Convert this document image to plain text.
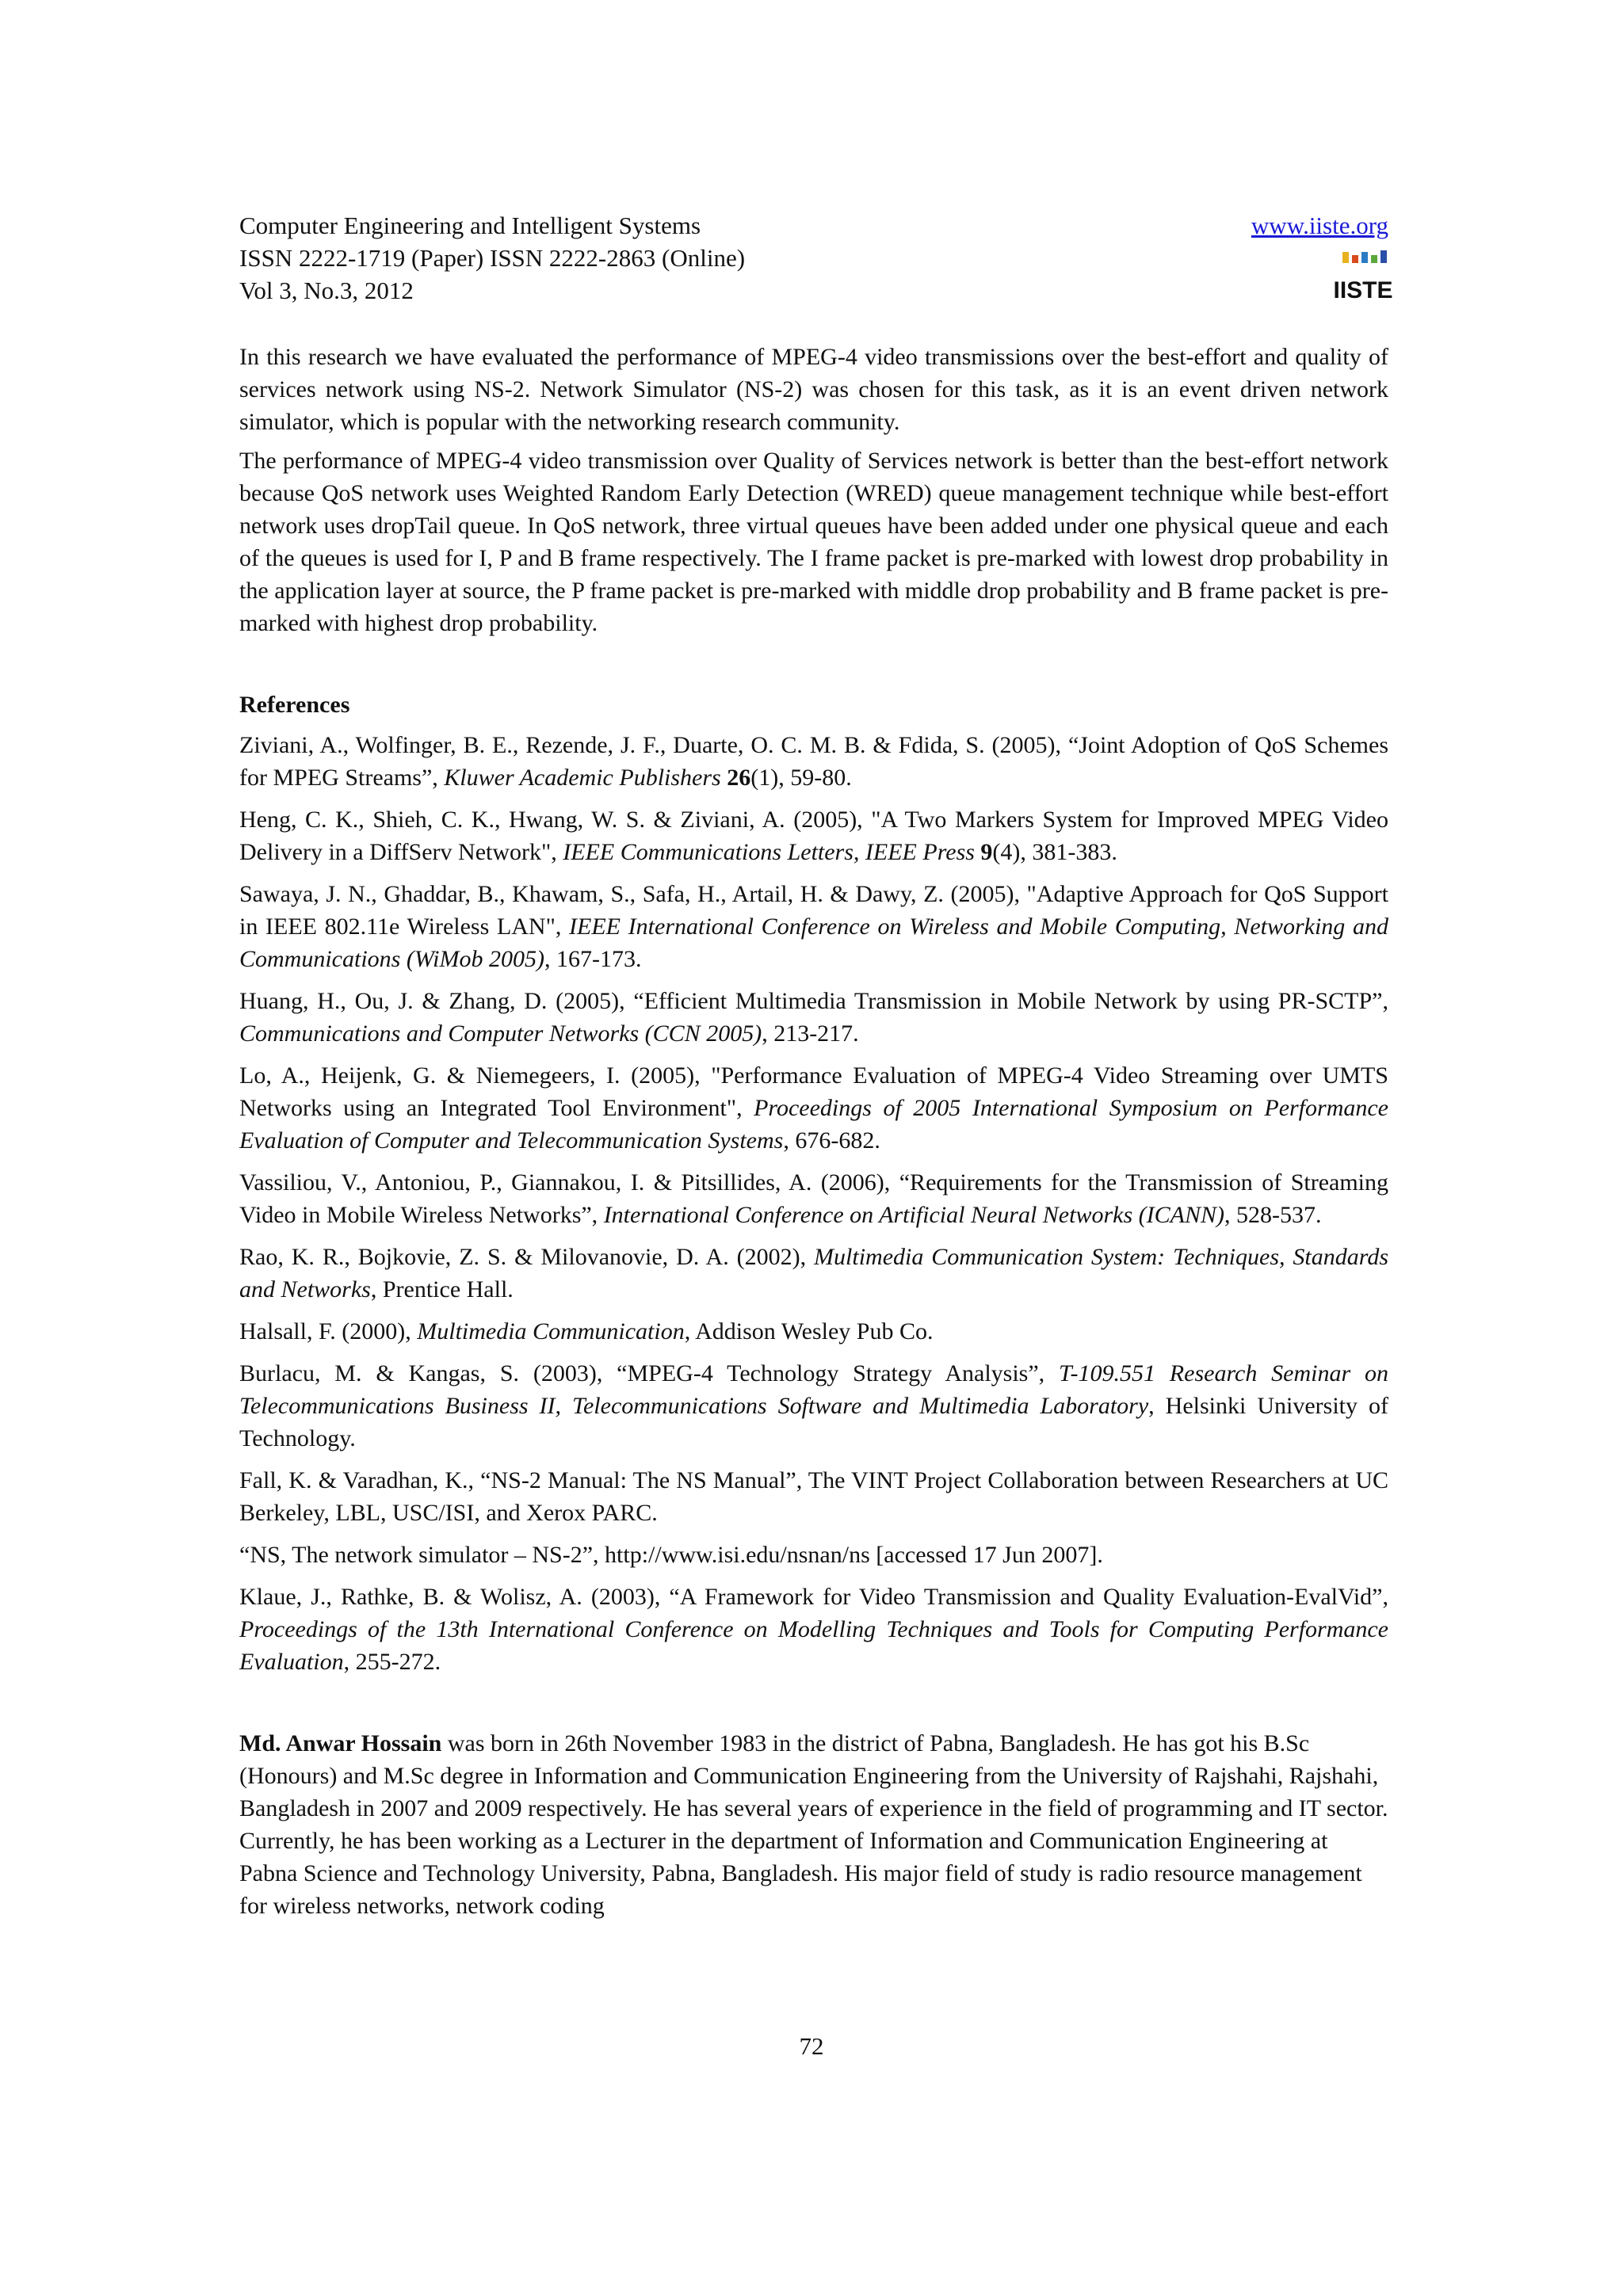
Computer Engineering and Intelligent Systems
ISSN 2222-1719 (Paper) ISSN 2222-2863 (Online)
Vol 3, No.3, 2012
www.iiste.org
IISTE

In this research we have evaluated the performance of MPEG-4 video transmissions over the best-effort and quality of services network using NS-2. Network Simulator (NS-2) was chosen for this task, as it is an event driven network simulator, which is popular with the networking research community.

The performance of MPEG-4 video transmission over Quality of Services network is better than the best-effort network because QoS network uses Weighted Random Early Detection (WRED) queue management technique while best-effort network uses dropTail queue. In QoS network, three virtual queues have been added under one physical queue and each of the queues is used for I, P and B frame respectively. The I frame packet is pre-marked with lowest drop probability in the application layer at source, the P frame packet is pre-marked with middle drop probability and B frame packet is pre-marked with highest drop probability.

References
Ziviani, A., Wolfinger, B. E., Rezende, J. F., Duarte, O. C. M. B. & Fdida, S. (2005), “Joint Adoption of QoS Schemes for MPEG Streams”, Kluwer Academic Publishers 26(1), 59-80.
Heng, C. K., Shieh, C. K., Hwang, W. S. & Ziviani, A. (2005), "A Two Markers System for Improved MPEG Video Delivery in a DiffServ Network", IEEE Communications Letters, IEEE Press 9(4), 381-383.
Sawaya, J. N., Ghaddar, B., Khawam, S., Safa, H., Artail, H. & Dawy, Z. (2005), "Adaptive Approach for QoS Support in IEEE 802.11e Wireless LAN", IEEE International Conference on Wireless and Mobile Computing, Networking and Communications (WiMob 2005), 167-173.
Huang, H., Ou, J. & Zhang, D. (2005), “Efficient Multimedia Transmission in Mobile Network by using PR-SCTP”, Communications and Computer Networks (CCN 2005), 213-217.
Lo, A., Heijenk, G. & Niemegeers, I. (2005), "Performance Evaluation of MPEG-4 Video Streaming over UMTS Networks using an Integrated Tool Environment", Proceedings of 2005 International Symposium on Performance Evaluation of Computer and Telecommunication Systems, 676-682.
Vassiliou, V., Antoniou, P., Giannakou, I. & Pitsillides, A. (2006), “Requirements for the Transmission of Streaming Video in Mobile Wireless Networks”, International Conference on Artificial Neural Networks (ICANN), 528-537.
Rao, K. R., Bojkovie, Z. S. & Milovanovie, D. A. (2002), Multimedia Communication System: Techniques, Standards and Networks, Prentice Hall.
Halsall, F. (2000), Multimedia Communication, Addison Wesley Pub Co.
Burlacu, M. & Kangas, S. (2003), “MPEG-4 Technology Strategy Analysis”, T-109.551 Research Seminar on Telecommunications Business II, Telecommunications Software and Multimedia Laboratory, Helsinki University of Technology.
Fall, K. & Varadhan, K., “NS-2 Manual: The NS Manual”, The VINT Project Collaboration between Researchers at UC Berkeley, LBL, USC/ISI, and Xerox PARC.
“NS, The network simulator – NS-2”, http://www.isi.edu/nsnan/ns [accessed 17 Jun 2007].
Klaue, J., Rathke, B. & Wolisz, A. (2003), “A Framework for Video Transmission and Quality Evaluation-EvalVid”, Proceedings of the 13th International Conference on Modelling Techniques and Tools for Computing Performance Evaluation, 255-272.

Md. Anwar Hossain was born in 26th November 1983 in the district of Pabna, Bangladesh. He has got his B.Sc (Honours) and M.Sc degree in Information and Communication Engineering from the University of Rajshahi, Rajshahi, Bangladesh in 2007 and 2009 respectively. He has several years of experience in the field of programming and IT sector. Currently, he has been working as a Lecturer in the department of Information and Communication Engineering at Pabna Science and Technology University, Pabna, Bangladesh. His major field of study is radio resource management for wireless networks, network coding

72
